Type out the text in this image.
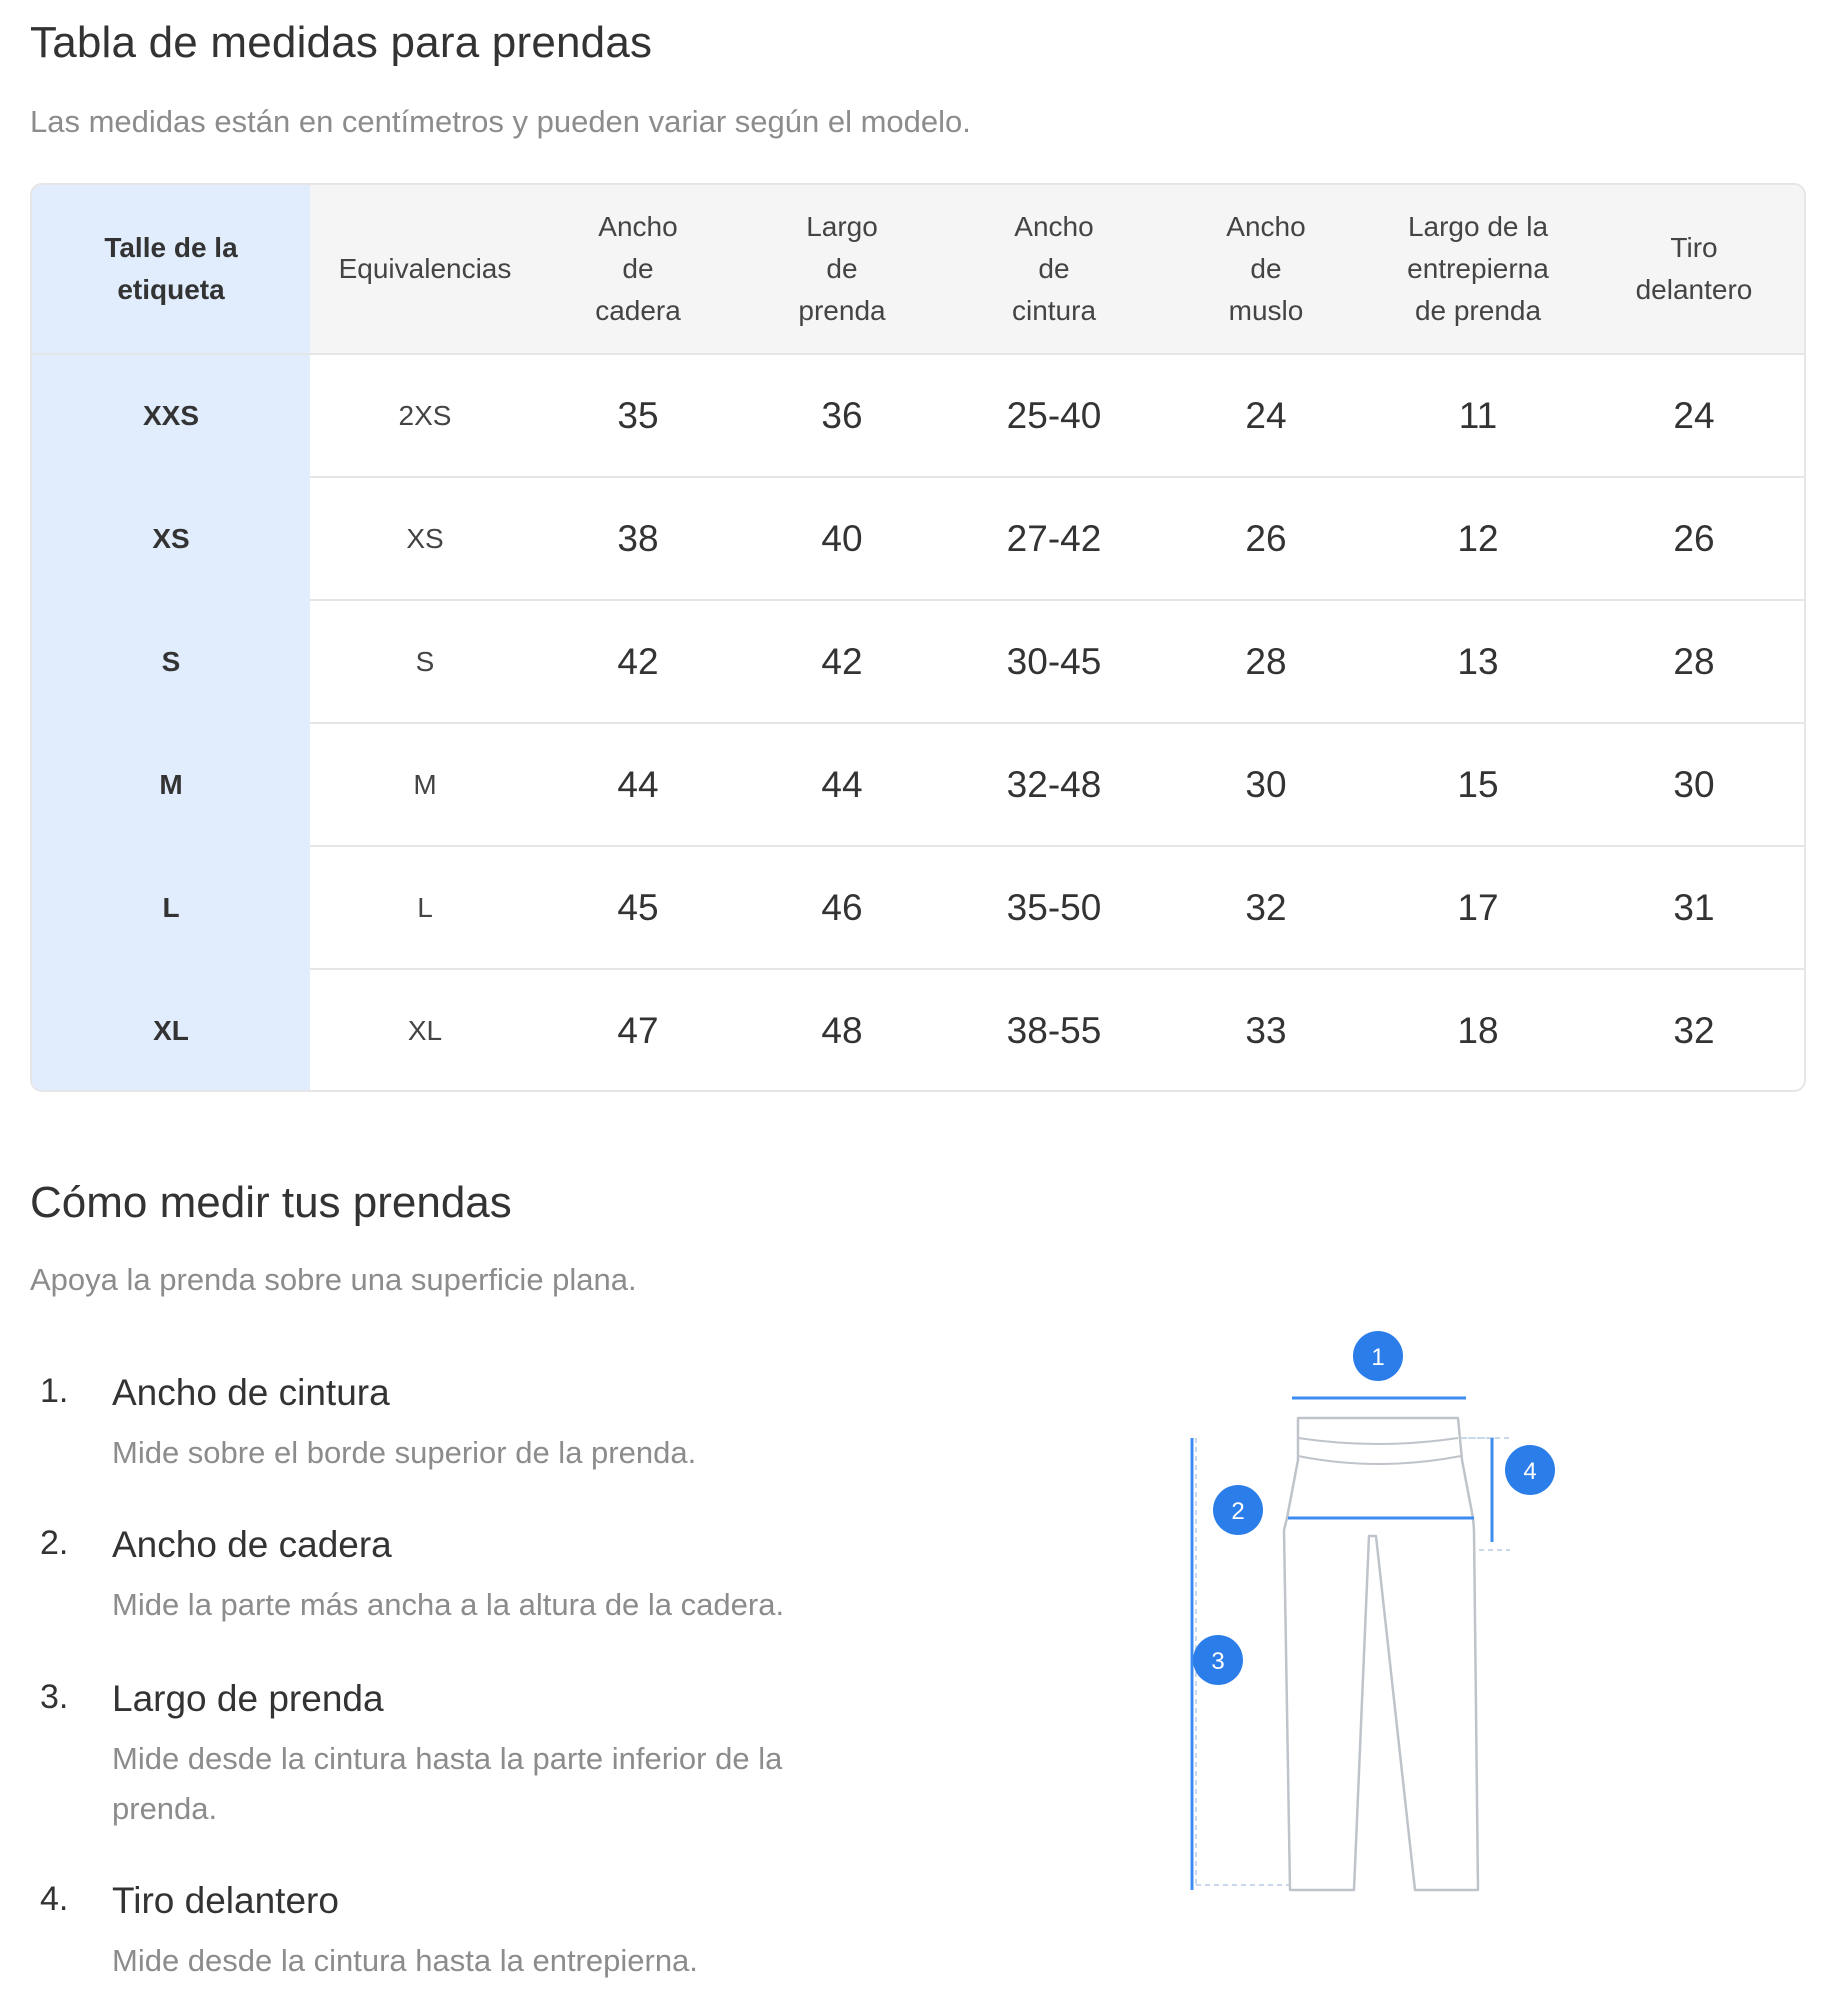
Tabla de medidas para prendas

Las medidas están en centímetros y pueden variar según el modelo.

Talle de la etiqueta	Equivalencias	Ancho de cadera	Largo de prenda	Ancho de cintura	Ancho de muslo	Largo de la entrepierna de prenda	Tiro delantero

XXS	2XS	35	36	25-40	24	11	24
XS	XS	38	40	27-42	26	12	26
S	S	42	42	30-45	28	13	28
M	M	44	44	32-48	30	15	30
L	L	45	46	35-50	32	17	31
XL	XL	47	48	38-55	33	18	32
Cómo medir tus prendas

Apoya la prenda sobre una superficie plana.

1. Ancho de cintura
Mide sobre el borde superior de la prenda.
2. Ancho de cadera
Mide la parte más ancha a la altura de la cadera.
3. Largo de prenda
Mide desde la cintura hasta la parte inferior de la prenda.
4. Tiro delantero
Mide desde la cintura hasta la entrepierna.
1
2
3
4
